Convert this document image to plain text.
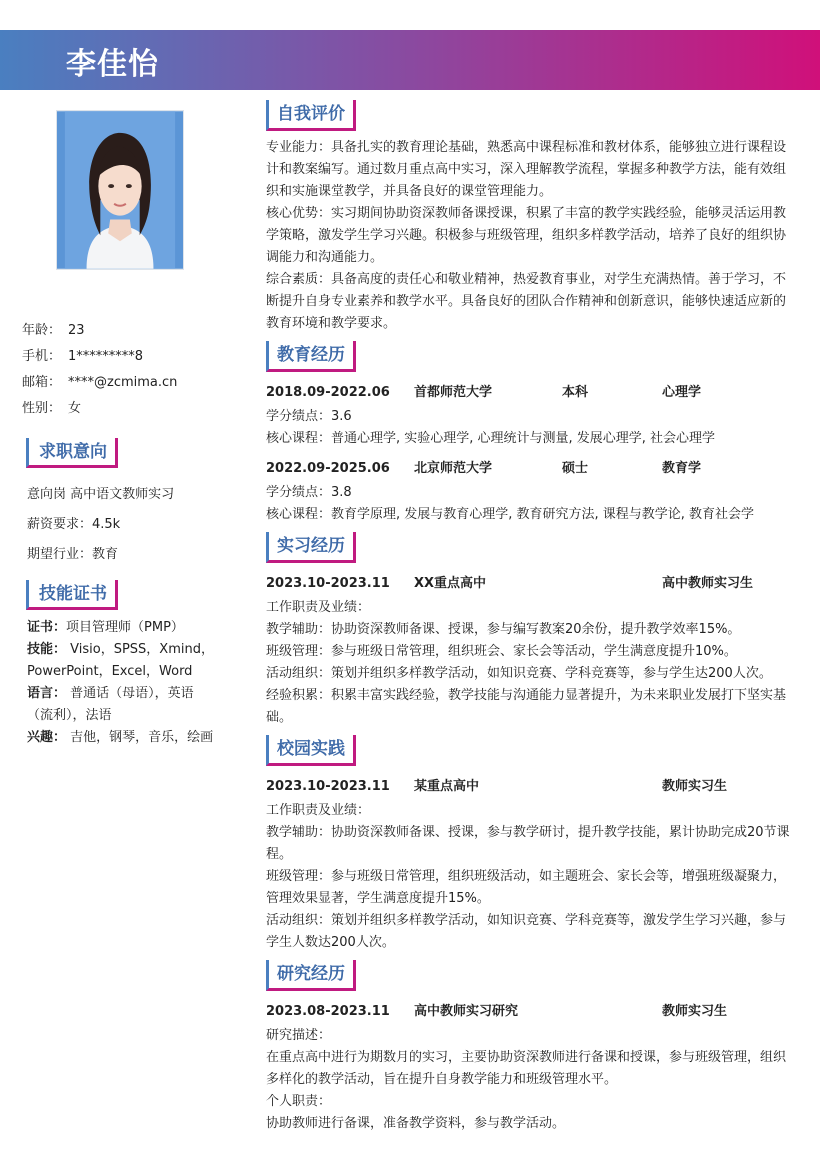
李佳怡
年龄： 23
手机： 1*********8
邮箱： ****@zcmima.cn
性别： 女
求职意向
意向岗 高中语文教师实习
薪资要求：4.5k
期望行业：教育
技能证书
证书：项目管理师（PMP）
技能： Visio，SPSS，Xmind，PowerPoint，Excel，Word
语言： 普通话（母语），英语（流利），法语
兴趣： 吉他，钢琴，音乐，绘画
自我评价

专业能力：具备扎实的教育理论基础，熟悉高中课程标准和教材体系，能够独立进行课程设计和教案编写。通过数月重点高中实习，深入理解教学流程，掌握多种教学方法，能有效组织和实施课堂教学，并具备良好的课堂管理能力。

核心优势：实习期间协助资深教师备课授课，积累了丰富的教学实践经验，能够灵活运用教学策略，激发学生学习兴趣。积极参与班级管理，组织多样教学活动，培养了良好的组织协调能力和沟通能力。

综合素质：具备高度的责任心和敬业精神，热爱教育事业，对学生充满热情。善于学习，不断提升自身专业素养和教学水平。具备良好的团队合作精神和创新意识，能够快速适应新的教育环境和教学要求。

教育经历
2018.09-2022.06 首都师范大学	本科	心理学

学分绩点：3.6

核心课程：普通心理学, 实验心理学, 心理统计与测量, 发展心理学, 社会心理学

2022.09-2025.06 北京师范大学	硕士	教育学

学分绩点：3.8

核心课程：教育学原理, 发展与教育心理学, 教育研究方法, 课程与教学论, 教育社会学

实习经历
2023.10-2023.11 XX重点高中	高中教师实习生

工作职责及业绩：

教学辅助：协助资深教师备课、授课，参与编写教案20余份，提升教学效率15%。

班级管理：参与班级日常管理，组织班会、家长会等活动，学生满意度提升10%。

活动组织：策划并组织多样教学活动，如知识竞赛、学科竞赛等，参与学生达200人次。

经验积累：积累丰富实践经验，教学技能与沟通能力显著提升，为未来职业发展打下坚实基础。

校园实践
2023.10-2023.11 某重点高中	教师实习生

工作职责及业绩：

教学辅助：协助资深教师备课、授课，参与教学研讨，提升教学技能，累计协助完成20节课程。

班级管理：参与班级日常管理，组织班级活动，如主题班会、家长会等，增强班级凝聚力，管理效果显著，学生满意度提升15%。

活动组织：策划并组织多样教学活动，如知识竞赛、学科竞赛等，激发学生学习兴趣，参与学生人数达200人次。

研究经历
2023.08-2023.11 高中教师实习研究	教师实习生

研究描述：

在重点高中进行为期数月的实习，主要协助资深教师进行备课和授课，参与班级管理，组织多样化的教学活动，旨在提升自身教学能力和班级管理水平。

个人职责：

协助教师进行备课，准备教学资料，参与教学活动。
